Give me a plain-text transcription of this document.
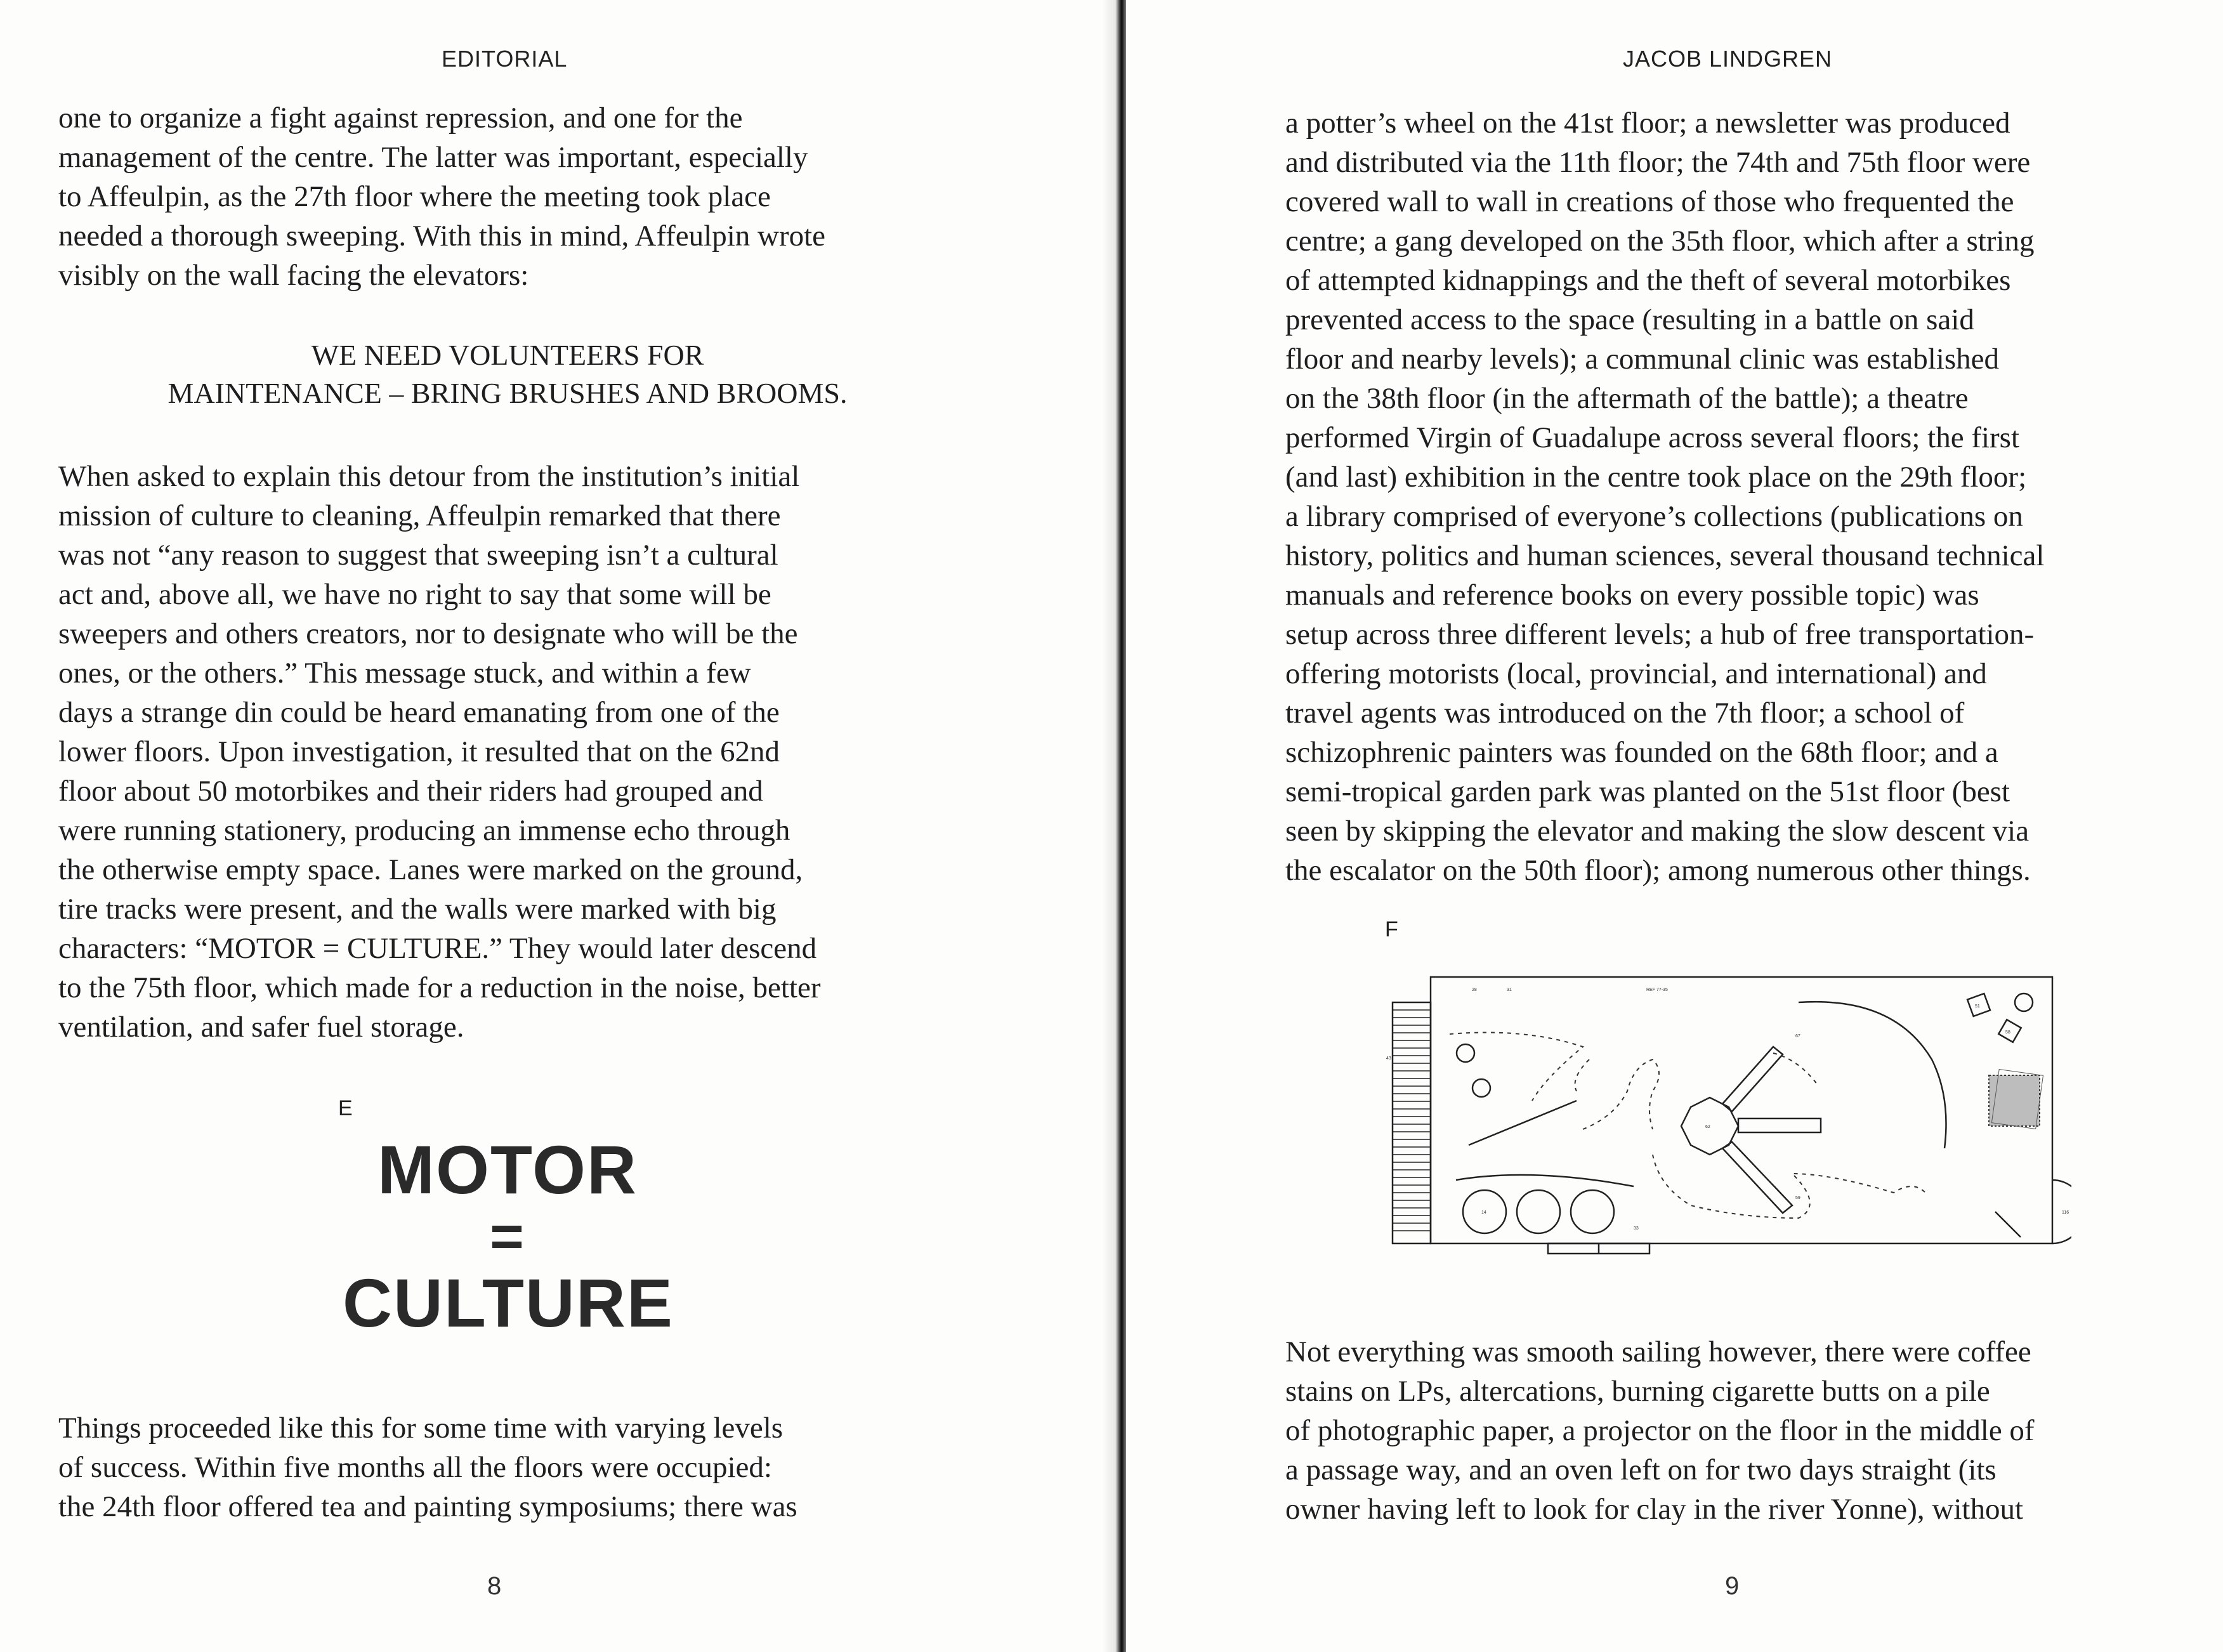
EDITORIAL
one to organize a fight against repression, and one for the
management of the centre. The latter was important, especially
to Affeulpin, as the 27th floor where the meeting took place
needed a thorough sweeping. With this in mind, Affeulpin wrote
visibly on the wall facing the elevators:
WE NEED VOLUNTEERS FOR
MAINTENANCE – BRING BRUSHES AND BROOMS.
When asked to explain this detour from the institution’s initial
mission of culture to cleaning, Affeulpin remarked that there
was not “any reason to suggest that sweeping isn’t a cultural
act and, above all, we have no right to say that some will be
sweepers and others creators, nor to designate who will be the
ones, or the others.” This message stuck, and within a few
days a strange din could be heard emanating from one of the
lower floors. Upon investigation, it resulted that on the 62nd
floor about 50 motorbikes and their riders had grouped and
were running stationery, producing an immense echo through
the otherwise empty space. Lanes were marked on the ground,
tire tracks were present, and the walls were marked with big
characters: “MOTOR = CULTURE.” They would later descend
to the 75th floor, which made for a reduction in the noise, better
ventilation, and safer fuel storage.
E
MOTOR
=
CULTURE
Things proceeded like this for some time with varying levels
of success. Within five months all the floors were occupied:
the 24th floor offered tea and painting symposiums; there was
8
JACOB LINDGREN
a potter’s wheel on the 41st floor; a newsletter was produced
and distributed via the 11th floor; the 74th and 75th floor were
covered wall to wall in creations of those who frequented the
centre; a gang developed on the 35th floor, which after a string
of attempted kidnappings and the theft of several motorbikes
prevented access to the space (resulting in a battle on said
floor and nearby levels); a communal clinic was established
on the 38th floor (in the aftermath of the battle); a theatre
performed Virgin of Guadalupe across several floors; the first
(and last) exhibition in the centre took place on the 29th floor;
a library comprised of everyone’s collections (publications on
history, politics and human sciences, several thousand technical
manuals and reference books on every possible topic) was
setup across three different levels; a hub of free transportation-
offering motorists (local, provincial, and international) and
travel agents was introduced on the 7th floor; a school of
schizophrenic painters was founded on the 68th floor; and a
semi-tropical garden park was planted on the 51st floor (best
seen by skipping the elevator and making the slow descent via
the escalator on the 50th floor); among numerous other things.
F
28	31	REF 77-35
67
43
62
59
14
33
116
51
58
Not everything was smooth sailing however, there were coffee
stains on LPs, altercations, burning cigarette butts on a pile
of photographic paper, a projector on the floor in the middle of
a passage way, and an oven left on for two days straight (its
owner having left to look for clay in the river Yonne), without
9
